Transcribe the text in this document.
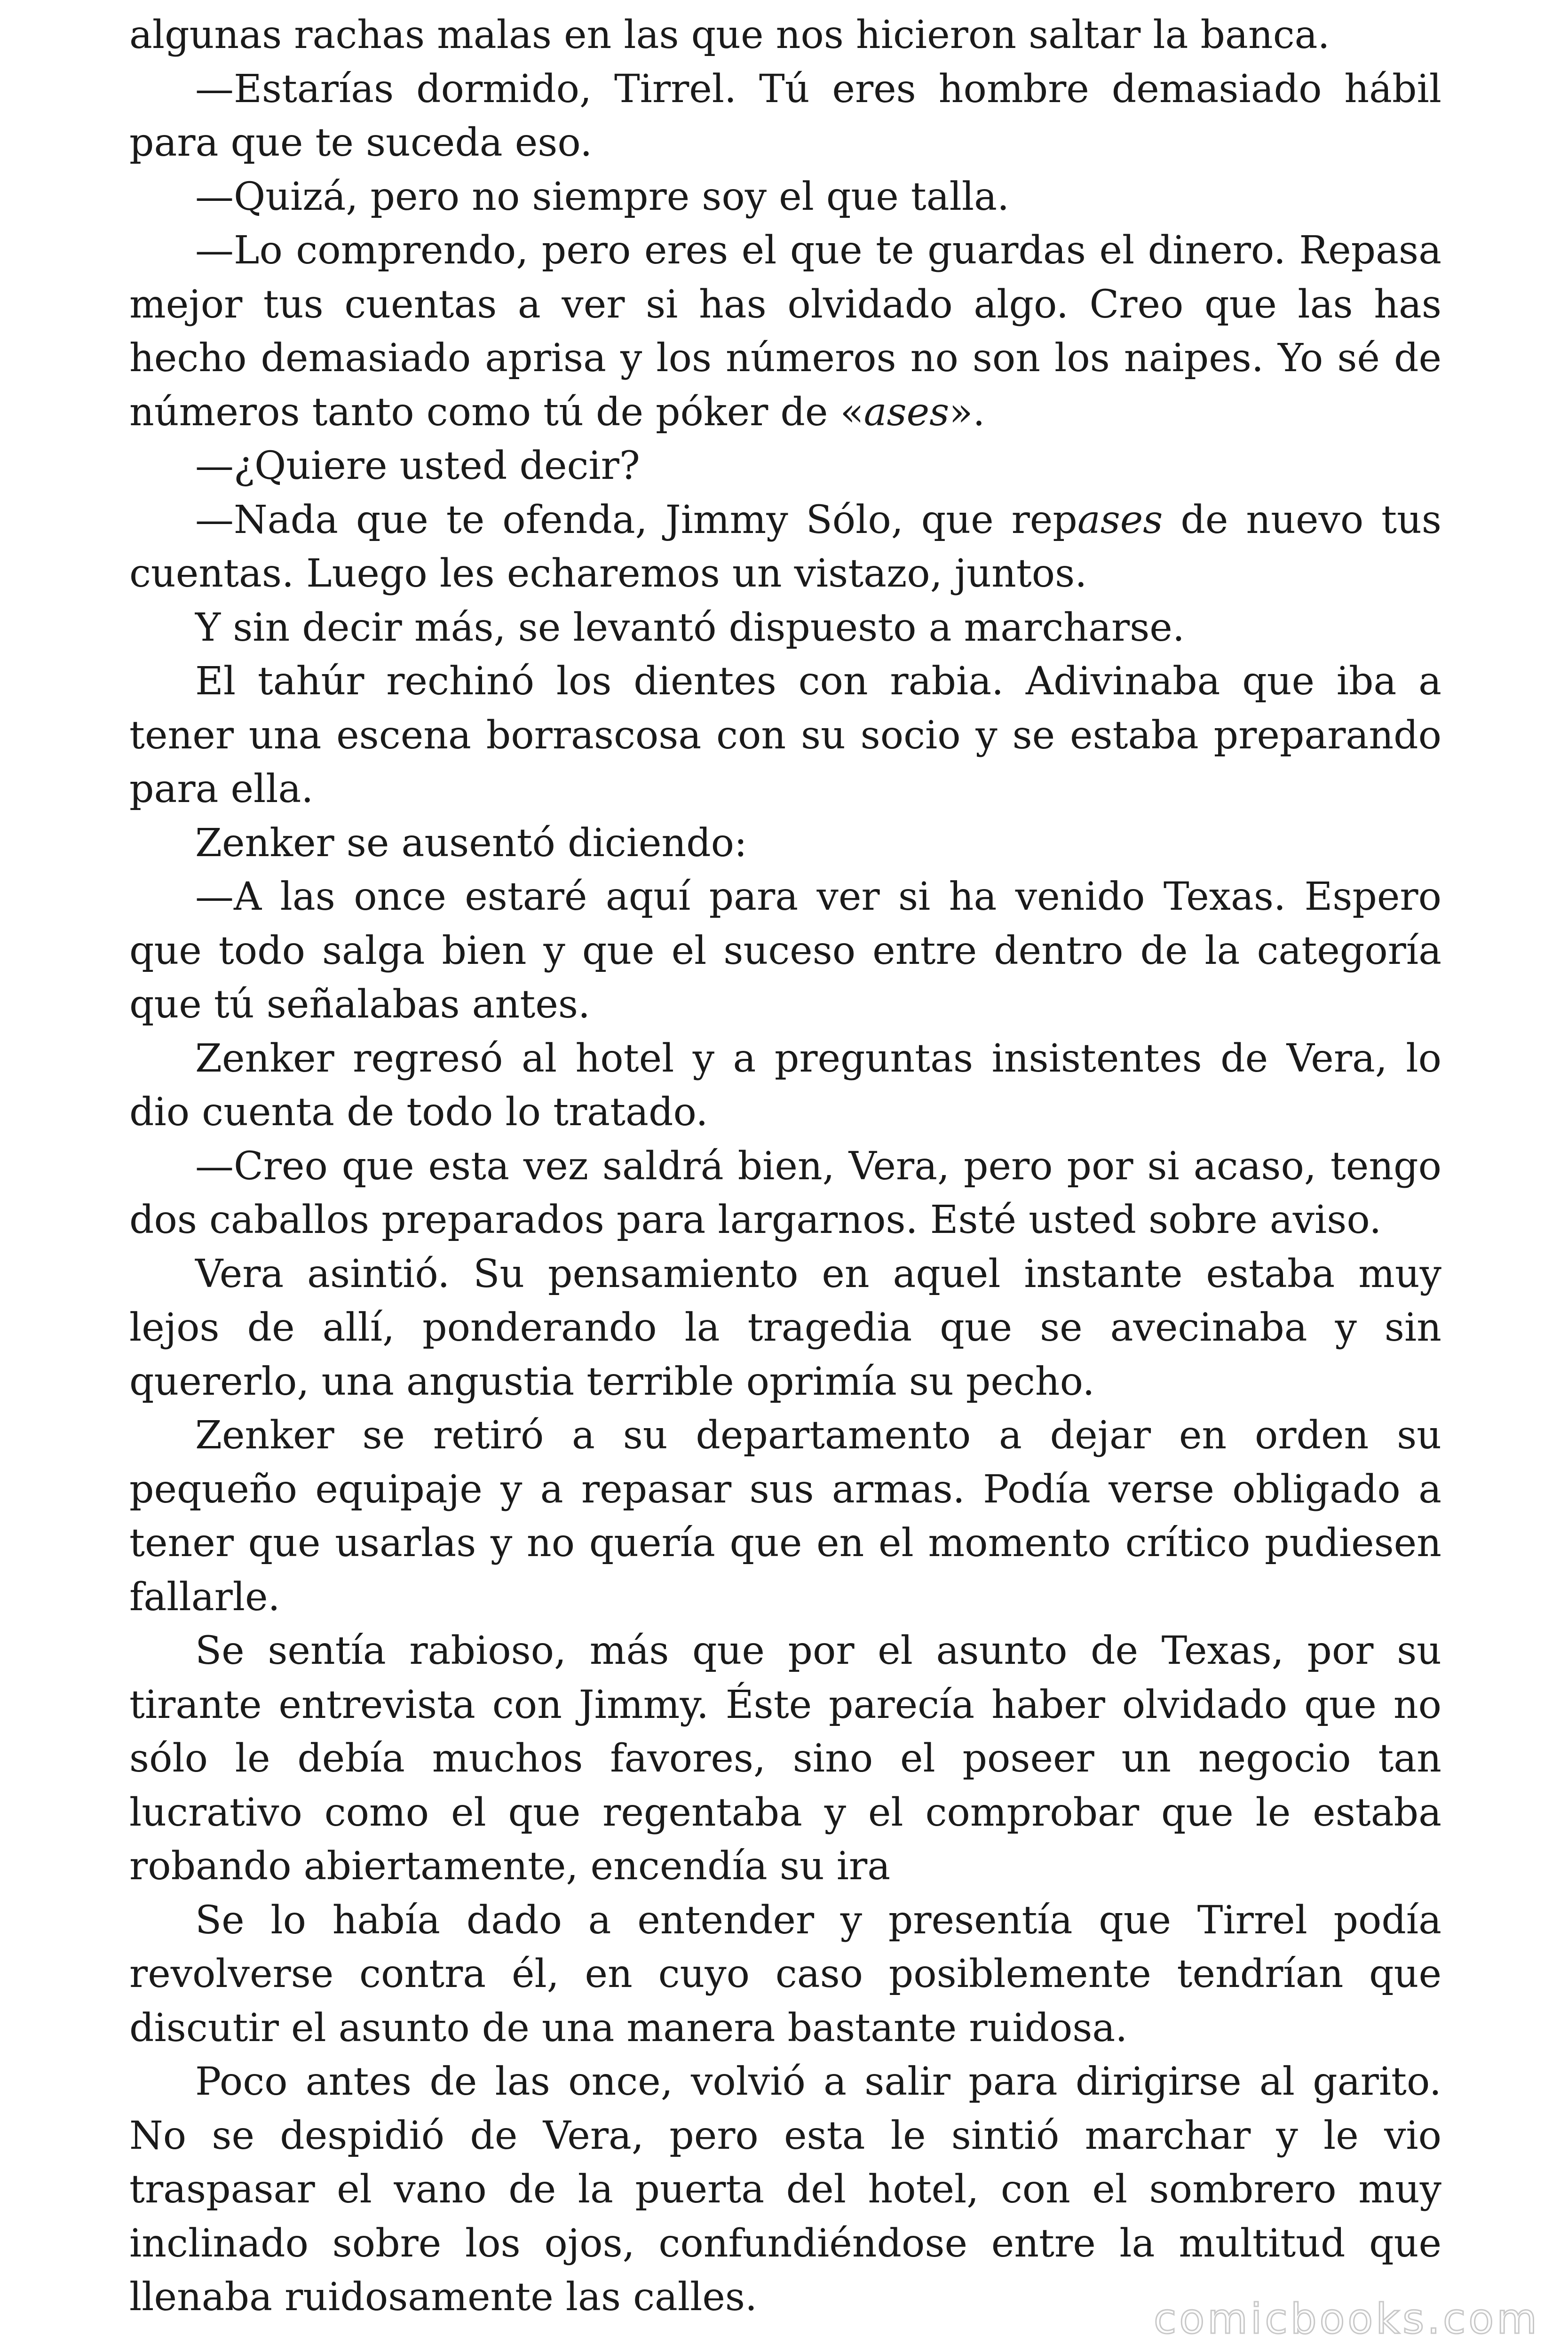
algunas rachas malas en las que nos hicieron saltar la banca.

—Estarías dormido, Tirrel. Tú eres hombre demasiado hábil para que te suceda eso.

—Quizá, pero no siempre soy el que talla.

—Lo comprendo, pero eres el que te guardas el dinero. Repasa mejor tus cuentas a ver si has olvidado algo. Creo que las has hecho demasiado aprisa y los números no son los naipes. Yo sé de números tanto como tú de póker de «ases».

—¿Quiere usted decir?

—Nada que te ofenda, Jimmy Sólo, que repases de nuevo tus cuentas. Luego les echaremos un vistazo, juntos.

Y sin decir más, se levantó dispuesto a marcharse.

El tahúr rechinó los dientes con rabia. Adivinaba que iba a tener una escena borrascosa con su socio y se estaba preparando para ella.

Zenker se ausentó diciendo:

—A las once estaré aquí para ver si ha venido Texas. Espero que todo salga bien y que el suceso entre dentro de la categoría que tú señalabas antes.

Zenker regresó al hotel y a preguntas insistentes de Vera, lo dio cuenta de todo lo tratado.

—Creo que esta vez saldrá bien, Vera, pero por si acaso, tengo dos caballos preparados para largarnos. Esté usted sobre aviso.

Vera asintió. Su pensamiento en aquel instante estaba muy lejos de allí, ponderando la tragedia que se avecinaba y sin quererlo, una angustia terrible oprimía su pecho.

Zenker se retiró a su departamento a dejar en orden su pequeño equipaje y a repasar sus armas. Podía verse obligado a tener que usarlas y no quería que en el momento crítico pudiesen fallarle.

Se sentía rabioso, más que por el asunto de Texas, por su tirante entrevista con Jimmy. Éste parecía haber olvidado que no sólo le debía muchos favores, sino el poseer un negocio tan lucrativo como el que regentaba y el comprobar que le estaba robando abiertamente, encendía su ira

Se lo había dado a entender y presentía que Tirrel podía revolverse contra él, en cuyo caso posiblemente tendrían que discutir el asunto de una manera bastante ruidosa.

Poco antes de las once, volvió a salir para dirigirse al garito. No se despidió de Vera, pero esta le sintió marchar y le vio traspasar el vano de la puerta del hotel, con el sombrero muy inclinado sobre los ojos, confundiéndose entre la multitud que llenaba ruidosamente las calles.	comicbooks.com
